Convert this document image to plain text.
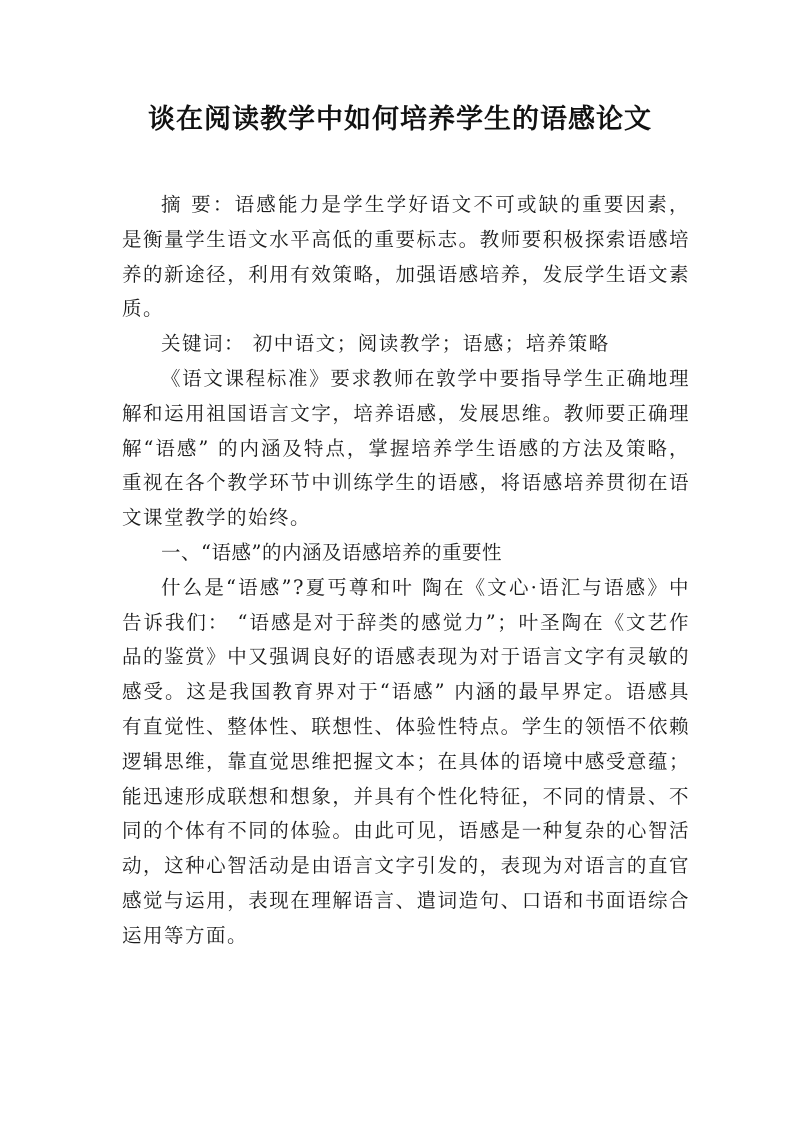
谈在阅读教学中如何培养学生的语感论文

摘 要：语感能力是学生学好语文不可或缺的重要因素，是衡量学生语文水平高低的重要标志。教师要积极探索语感培养的新途径，利用有效策略，加强语感培养，发辰学生语文素质。

关键词： 初中语文；阅读教学；语感；培养策略

《语文课程标准》要求教师在敦学中要指导学生正确地理解和运用祖国语言文字，培养语感，发展思维。教师要正确理解“语感” 的内涵及特点，掌握培养学生语感的方法及策略，重视在各个教学环节中训练学生的语感，将语感培养贯彻在语文课堂教学的始终。

一、“语感”的内涵及语感培养的重要性

什么是“语感”?夏丐尊和叶 陶在《文心·语汇与语感》中告诉我们： “语感是对于辞类的感觉力”；叶圣陶在《文艺作品的鉴赏》中又强调良好的语感表现为对于语言文字有灵敏的感受。这是我国教育界对于“语感” 内涵的最早界定。语感具有直觉性、整体性、联想性、体验性特点。学生的领悟不依赖逻辑思维，靠直觉思维把握文本；在具体的语境中感受意蕴；能迅速形成联想和想象，并具有个性化特征，不同的情景、不同的个体有不同的体验。由此可见，语感是一种复杂的心智活动，这种心智活动是由语言文字引发的，表现为对语言的直官感觉与运用，表现在理解语言、遣词造句、口语和书面语综合运用等方面。
